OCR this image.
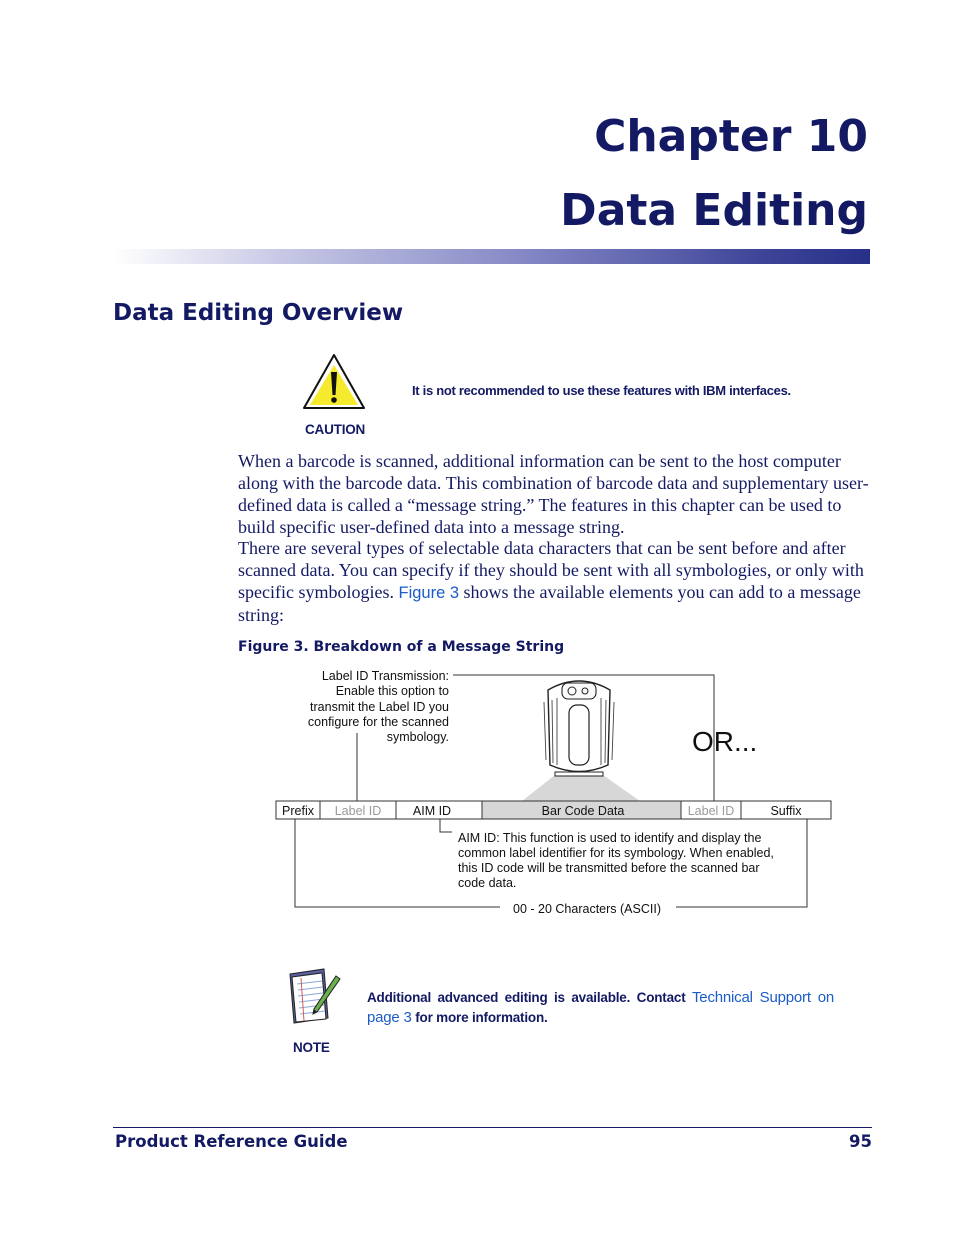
Chapter 10
Data Editing
Data Editing Overview
CAUTION
It is not recommended to use these features with IBM interfaces.

When a barcode is scanned, additional information can be sent to the host computer along with the barcode data. This combination of barcode data and supplementary user-defined data is called a “message string.” The features in this chapter can be used to build specific user-defined data into a message string.

There are several types of selectable data characters that can be sent before and after scanned data. You can specify if they should be sent with all symbologies, or only with specific symbologies. Figure 3 shows the available elements you can add to a message string:

Figure 3. Breakdown of a Message String
Label ID Transmission:
Enable this option to
transmit the Label ID you
configure for the scanned
symbology.	OR...
Prefix Label ID	AIM ID	Bar Code Data	Label ID	Suffix
AIM ID: This function is used to identify and display the
common label identifier for its symbology. When enabled,
this ID code will be transmitted before the scanned bar
code data.
00 - 20 Characters (ASCII)
NOTE

Additional advanced editing is available. Contact Technical Support on page 3 for more information.

Product Reference Guide	95
